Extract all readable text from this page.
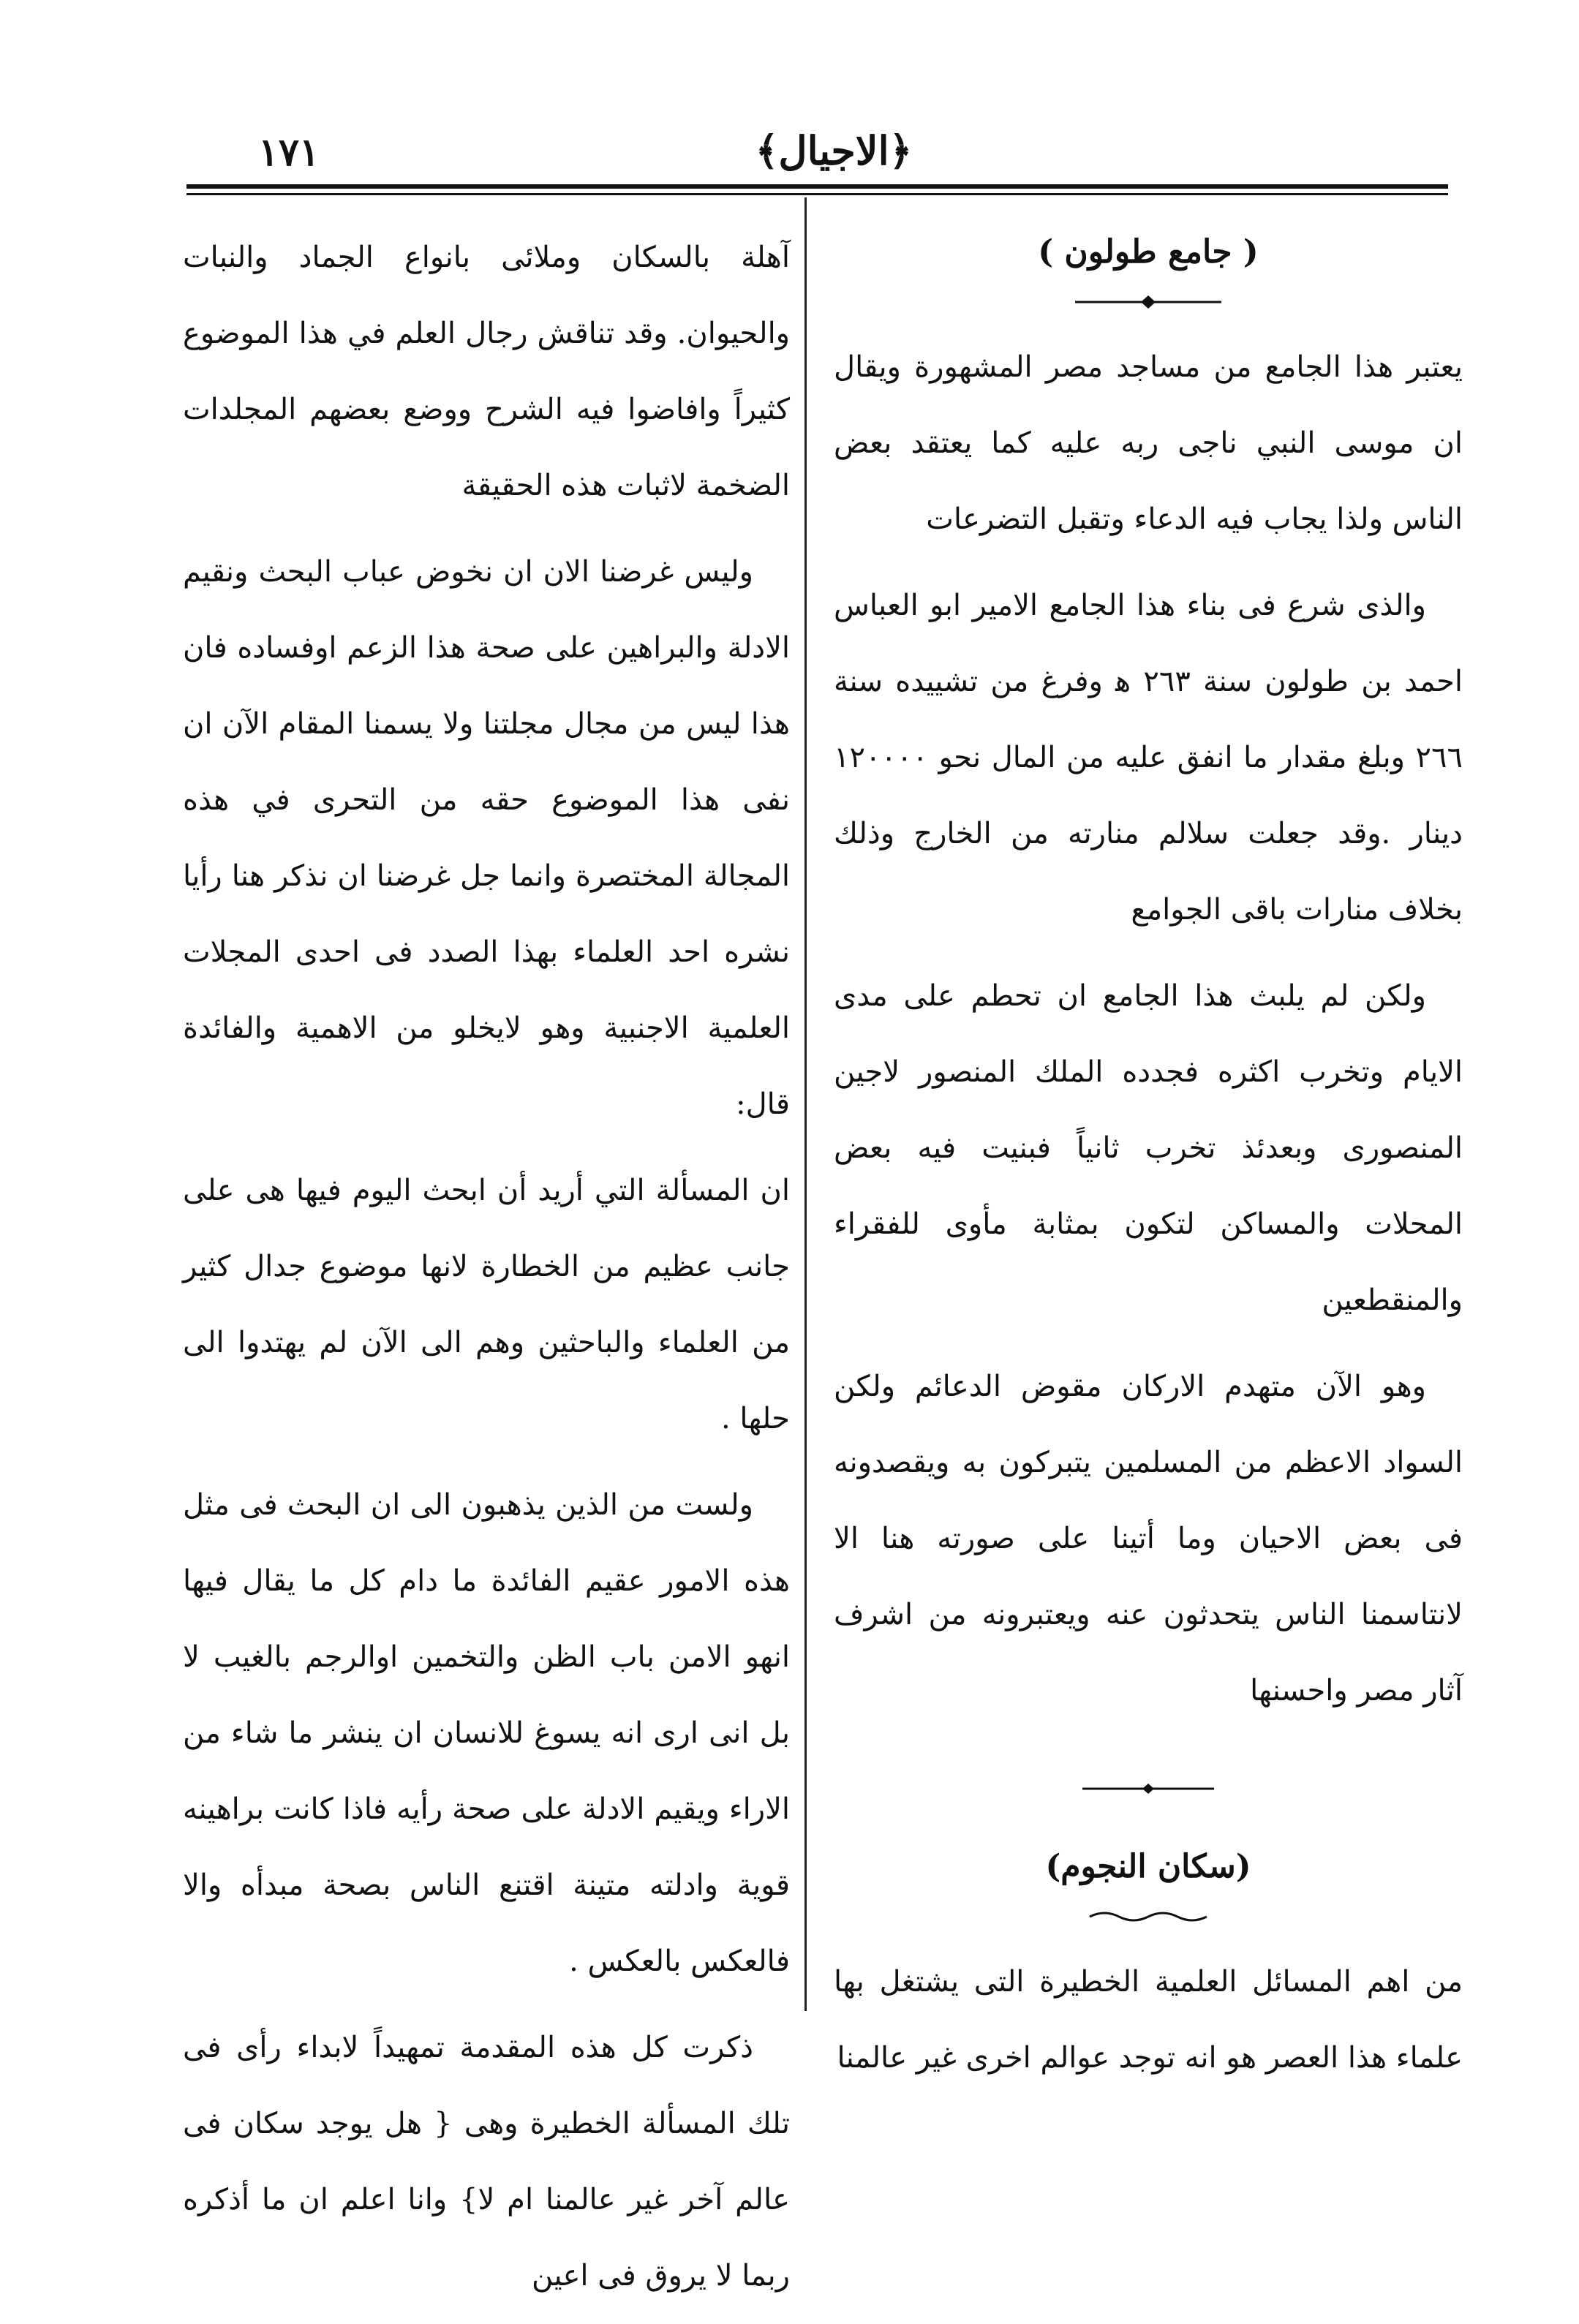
١٧١	﴿الاجيال﴾
( جامع طولون )

يعتبر هذا الجامع من مساجد مصر المشهورة ويقال ان موسى النبي ناجى ربه عليه كما يعتقد بعض الناس ولذا يجاب فيه الدعاء وتقبل التضرعات

والذى شرع فى بناء هذا الجامع الامير ابو العباس احمد بن طولون سنة ٢٦٣ ﻫ وفرغ من تشييده سنة ٢٦٦ وبلغ مقدار ما انفق عليه من المال نحو ١٢٠٠٠٠ دينار .وقد جعلت سلالم منارته من الخارج وذلك بخلاف منارات باقى الجوامع

ولكن لم يلبث هذا الجامع ان تحطم على مدى الايام وتخرب اكثره فجدده الملك المنصور لاجين المنصورى وبعدئذ تخرب ثانياً فبنيت فيه بعض المحلات والمساكن لتكون بمثابة مأوى للفقراء والمنقطعين

وهو الآن متهدم الاركان مقوض الدعائم ولكن السواد الاعظم من المسلمين يتبركون به ويقصدونه فى بعض الاحيان وما أتينا على صورته هنا الا لانتاسمنا الناس يتحدثون عنه ويعتبرونه من اشرف آثار مصر واحسنها

(سكان النجوم)

من اهم المسائل العلمية الخطيرة التى يشتغل بها علماء هذا العصر هو انه توجد عوالم اخرى غير عالمنا

آهلة بالسكان وملائى بانواع الجماد والنبات والحيوان. وقد تناقش رجال العلم في هذا الموضوع كثيراً وافاضوا فيه الشرح ووضع بعضهم المجلدات الضخمة لاثبات هذه الحقيقة

وليس غرضنا الان ان نخوض عباب البحث ونقيم الادلة والبراهين على صحة هذا الزعم اوفساده فان هذا ليس من مجال مجلتنا ولا يسمنا المقام الآن ان نفى هذا الموضوع حقه من التحرى في هذه المجالة المختصرة وانما جل غرضنا ان نذكر هنا رأيا نشره احد العلماء بهذا الصدد فى احدى المجلات العلمية الاجنبية وهو لايخلو من الاهمية والفائدة قال:

ان المسألة التي أريد أن ابحث اليوم فيها هى على جانب عظيم من الخطارة لانها موضوع جدال كثير من العلماء والباحثين وهم الى الآن لم يهتدوا الى حلها .

ولست من الذين يذهبون الى ان البحث فى مثل هذه الامور عقيم الفائدة ما دام كل ما يقال فيها انهو الامن باب الظن والتخمين اوالرجم بالغيب لا بل انى ارى انه يسوغ للانسان ان ينشر ما شاء من الاراء ويقيم الادلة على صحة رأيه فاذا كانت براهينه قوية وادلته متينة اقتنع الناس بصحة مبدأه والا فالعكس بالعكس .

ذكرت كل هذه المقدمة تمهيداً لابداء رأى فى تلك المسألة الخطيرة وهى { هل يوجد سكان فى عالم آخر غير عالمنا ام لا} وانا اعلم ان ما أذكره ربما لا يروق فى اعين
